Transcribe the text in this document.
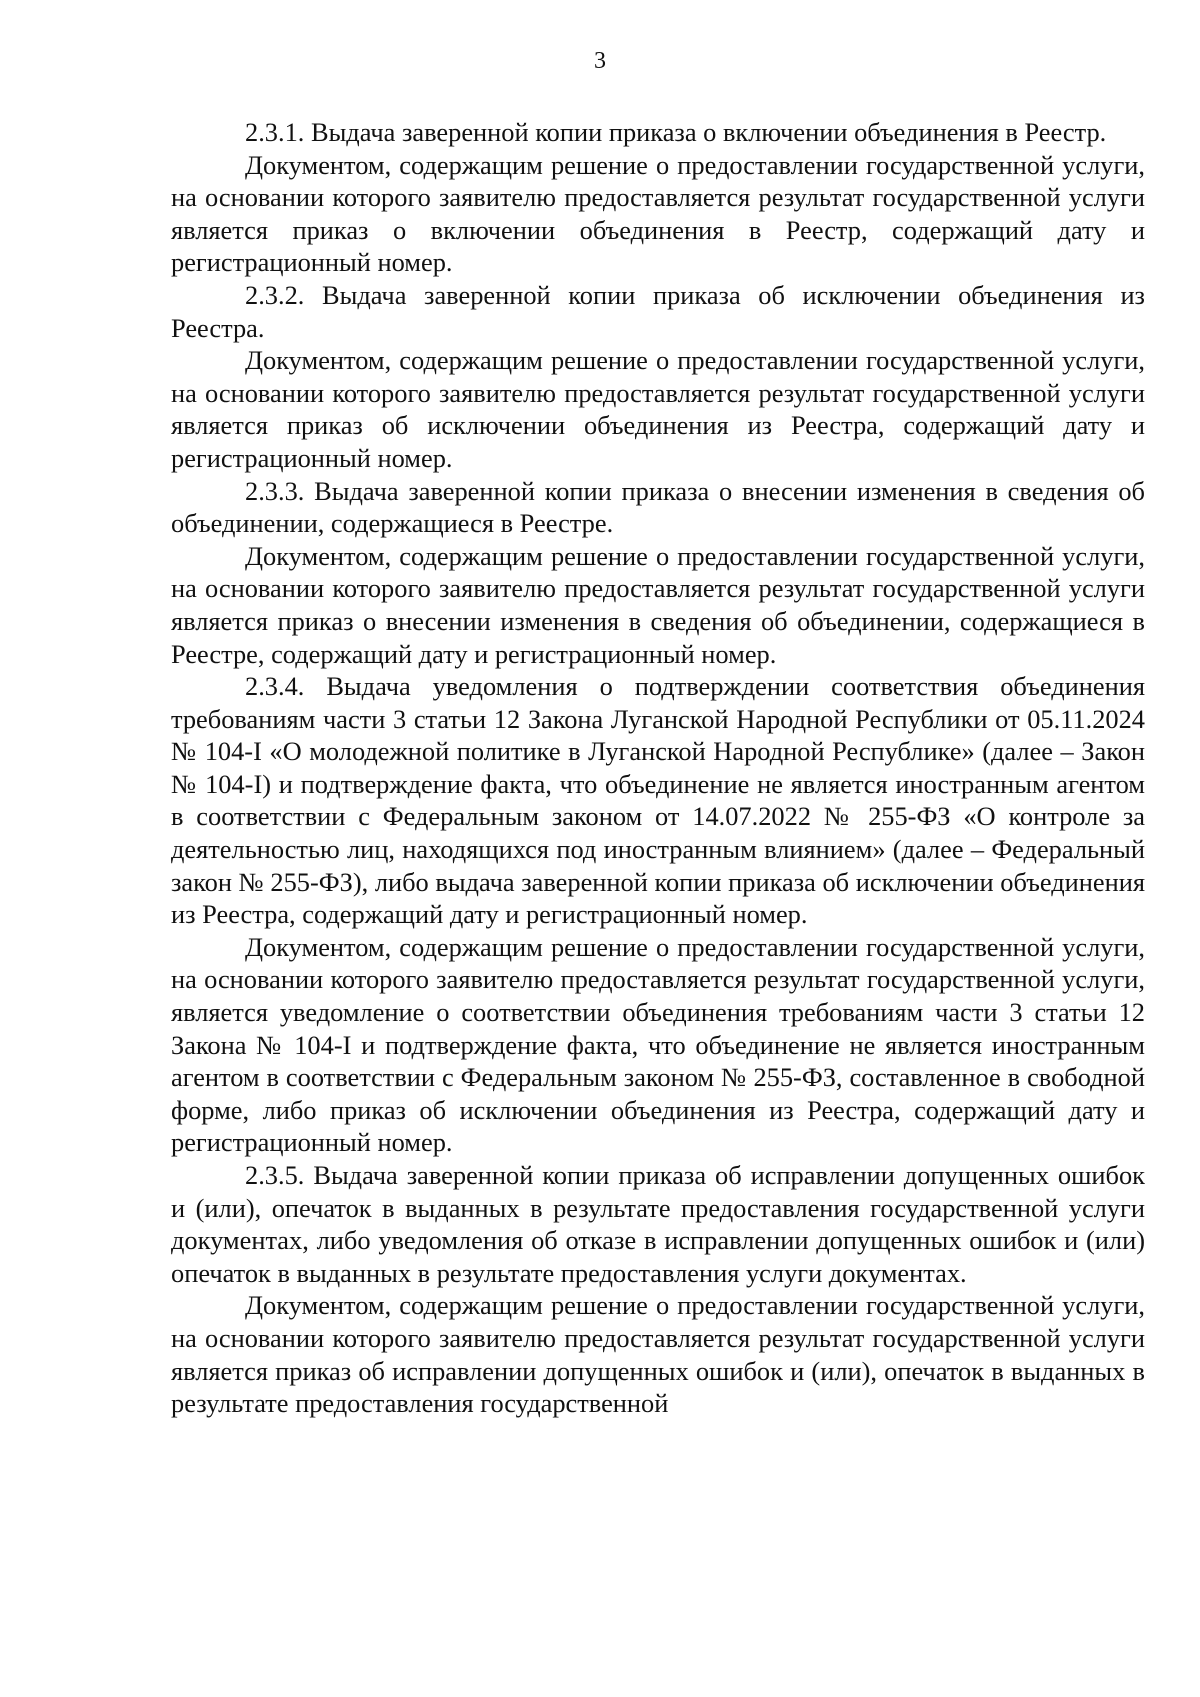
3

2.3.1. Выдача заверенной копии приказа о включении объединения в Реестр.

Документом, содержащим решение о предоставлении государственной услуги, на основании которого заявителю предоставляется результат государственной услуги является приказ о включении объединения в Реестр, содержащий дату и регистрационный номер.

2.3.2. Выдача заверенной копии приказа об исключении объединения из Реестра.

Документом, содержащим решение о предоставлении государственной услуги, на основании которого заявителю предоставляется результат государственной услуги является приказ об исключении объединения из Реестра, содержащий дату и регистрационный номер.

2.3.3. Выдача заверенной копии приказа о внесении изменения в сведения об объединении, содержащиеся в Реестре.

Документом, содержащим решение о предоставлении государственной услуги, на основании которого заявителю предоставляется результат государственной услуги является приказ о внесении изменения в сведения об объединении, содержащиеся в Реестре, содержащий дату и регистрационный номер.

2.3.4. Выдача уведомления о подтверждении соответствия объединения требованиям части 3 статьи 12 Закона Луганской Народной Республики от 05.11.2024 № 104-I «О молодежной политике в Луганской Народной Республике» (далее – Закон № 104-I) и подтверждение факта, что объединение не является иностранным агентом в соответствии с Федеральным законом от 14.07.2022 № 255-ФЗ «О контроле за деятельностью лиц, находящихся под иностранным влиянием» (далее – Федеральный закон № 255-ФЗ), либо выдача заверенной копии приказа об исключении объединения из Реестра, содержащий дату и регистрационный номер.

Документом, содержащим решение о предоставлении государственной услуги, на основании которого заявителю предоставляется результат государственной услуги, является уведомление о соответствии объединения требованиям части 3 статьи 12 Закона № 104-I и подтверждение факта, что объединение не является иностранным агентом в соответствии с Федеральным законом № 255-ФЗ, составленное в свободной форме, либо приказ об исключении объединения из Реестра, содержащий дату и регистрационный номер.

2.3.5. Выдача заверенной копии приказа об исправлении допущенных ошибок и (или), опечаток в выданных в результате предоставления государственной услуги документах, либо уведомления об отказе в исправлении допущенных ошибок и (или) опечаток в выданных в результате предоставления услуги документах.

Документом, содержащим решение о предоставлении государственной услуги, на основании которого заявителю предоставляется результат государственной услуги является приказ об исправлении допущенных ошибок и (или), опечаток в выданных в результате предоставления государственной
